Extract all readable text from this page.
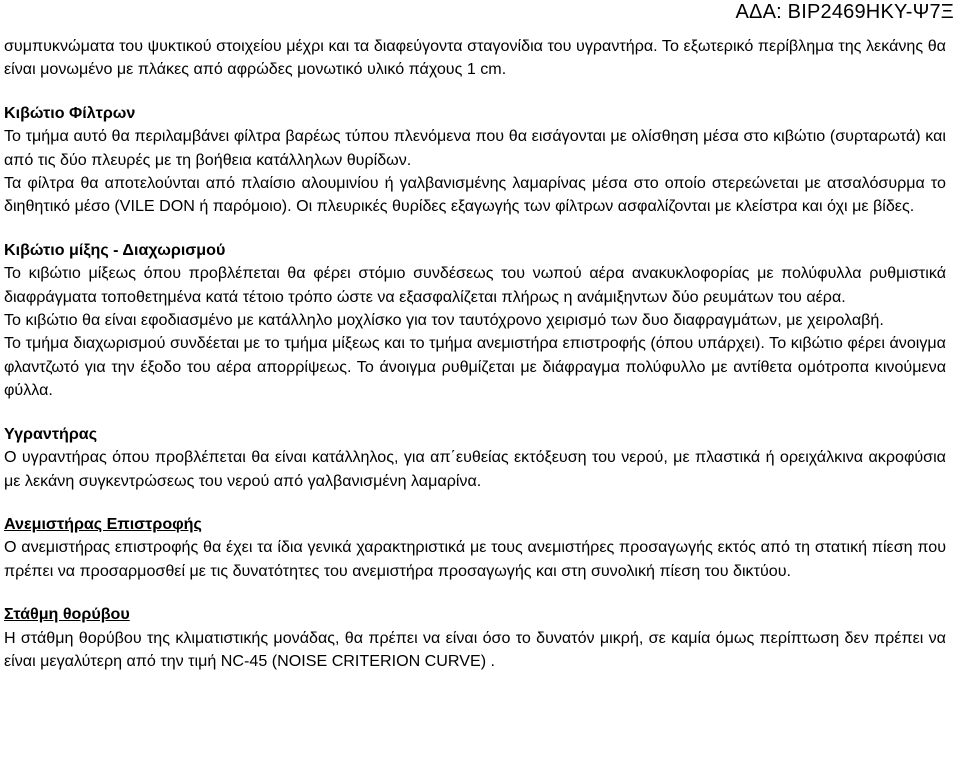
ΑΔΑ: ΒΙΡ2469ΗΚΥ-Ψ7Ξ

συμπυκνώματα του ψυκτικού στοιχείου μέχρι και τα διαφεύγοντα σταγονίδια του υγραντήρα. Το εξωτερικό περίβλημα της λεκάνης θα είναι μονωμένο με πλάκες από αφρώδες μονωτικό υλικό πάχους 1 cm.

Κιβώτιο Φίλτρων

Το τμήμα αυτό θα περιλαμβάνει φίλτρα βαρέως τύπου πλενόμενα που θα εισάγονται με ολίσθηση μέσα στο κιβώτιο (συρταρωτά) και από τις δύο πλευρές με τη βοήθεια κατάλληλων θυρίδων.

Τα φίλτρα θα αποτελούνται από πλαίσιο αλουμινίου ή γαλβανισμένης λαμαρίνας μέσα στο οποίο στερεώνεται με ατσαλόσυρμα το διηθητικό μέσο (VILE DON ή παρόμοιο). Οι πλευρικές θυρίδες εξαγωγής των φίλτρων ασφαλίζονται με κλείστρα και όχι με βίδες.

Κιβώτιο μίξης - Διαχωρισμού

Το κιβώτιο μίξεως όπου προβλέπεται θα φέρει στόμιο συνδέσεως του νωπού αέρα ανακυκλοφορίας με πολύφυλλα ρυθμιστικά διαφράγματα τοποθετημένα κατά τέτοιο τρόπο ώστε να εξασφαλίζεται πλήρως η ανάμιξηντων δύο ρευμάτων του αέρα.

Το κιβώτιο θα είναι εφοδιασμένο με κατάλληλο μοχλίσκο για τον ταυτόχρονο χειρισμό των δυο διαφραγμάτων, με χειρολαβή.

Το τμήμα διαχωρισμού συνδέεται με το τμήμα μίξεως και το τμήμα ανεμιστήρα επιστροφής (όπου υπάρχει). Το κιβώτιο φέρει άνοιγμα φλαντζωτό για την έξοδο του αέρα απορρίψεως. Το άνοιγμα ρυθμίζεται με διάφραγμα πολύφυλλο με αντίθετα ομότροπα κινούμενα φύλλα.

Υγραντήρας

Ο υγραντήρας όπου προβλέπεται θα είναι κατάλληλος, για απ΄ευθείας εκτόξευση του νερού, με πλαστικά ή ορειχάλκινα ακροφύσια με λεκάνη συγκεντρώσεως του νερού από γαλβανισμένη λαμαρίνα.

Ανεμιστήρας Επιστροφής

Ο ανεμιστήρας επιστροφής θα έχει τα ίδια γενικά χαρακτηριστικά με τους ανεμιστήρες προσαγωγής εκτός από τη στατική πίεση που πρέπει να προσαρμοσθεί με τις δυνατότητες του ανεμιστήρα προσαγωγής και στη συνολική πίεση του δικτύου.

Στάθμη θορύβου

Η στάθμη θορύβου της κλιματιστικής μονάδας, θα πρέπει να είναι όσο το δυνατόν μικρή, σε καμία όμως περίπτωση δεν πρέπει να είναι μεγαλύτερη από την τιμή NC-45 (NOISE CRITERION CURVE) .
